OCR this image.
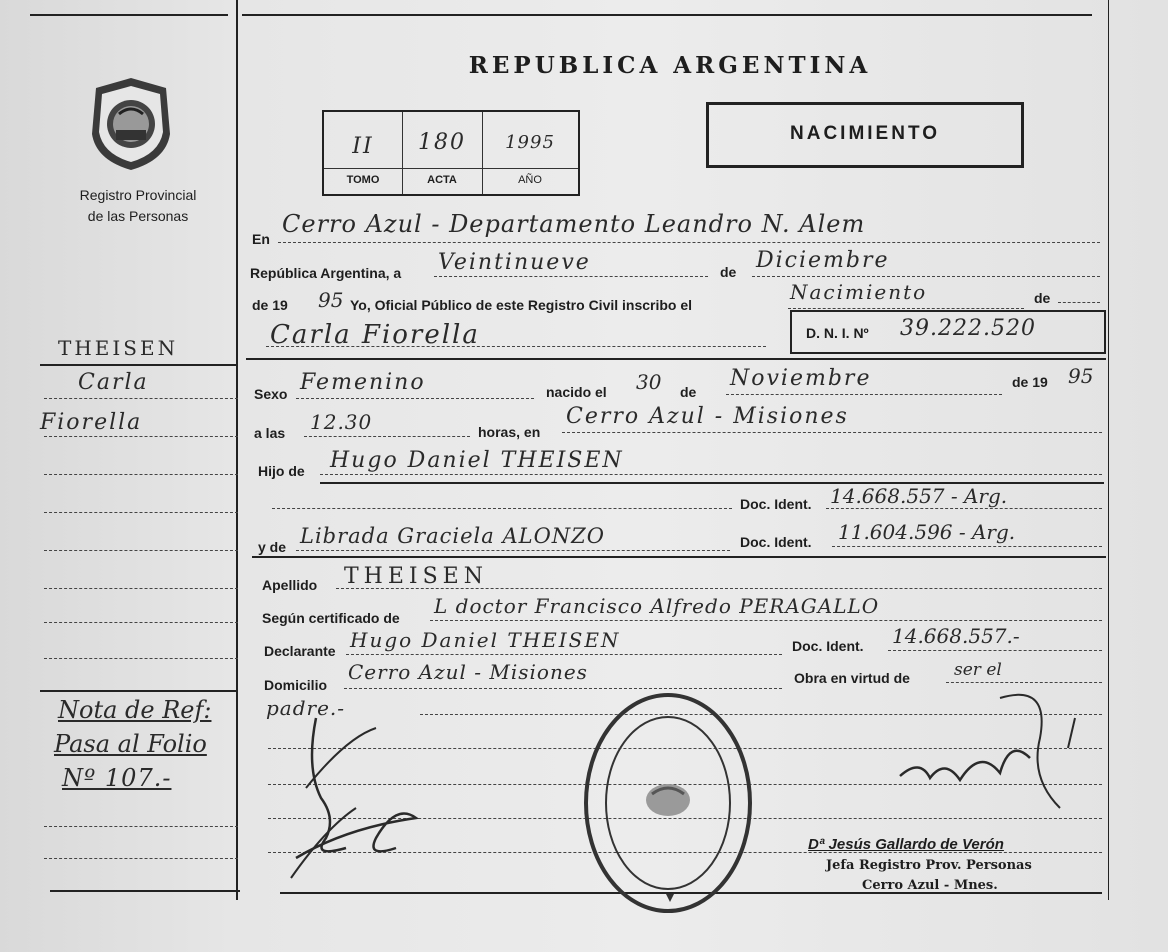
Registro Provincial
de las Personas
THEISEN
Carla
Fiorella
Nota de Ref:
Pasa al Folio
Nº 107.-
REPUBLICA ARGENTINA
II	180	1995
TOMO	ACTA	AÑO
NACIMIENTO
En
Cerro Azul - Departamento Leandro N. Alem
República Argentina, a Veintinueve	de Diciembre
de 19 95 Yo, Oficial Público de este Registro Civil inscribo el
Nacimiento	de
Carla Fiorella	D. N. I. Nº 39.222.520
Sexo Femenino	nacido el 30 de
Noviembre	de 19 95
a las 12.30	horas, en
Cerro Azul - Misiones
Hijo de Hugo Daniel THEISEN
Doc. Ident. 14.668.557 - Arg.
y de Librada Graciela ALONZO	Doc. Ident. 11.604.596 - Arg.
Apellido THEISEN
Según certificado de L doctor Francisco Alfredo PERAGALLO
Declarante Hugo Daniel THEISEN	Doc. Ident. 14.668.557.-
Domicilio
Cerro Azul - Misiones	Obra en virtud de	ser el
padre.-
Dª Jesús Gallardo de Verón
Jefa Registro Prov. Personas
Cerro Azul - Mnes.
